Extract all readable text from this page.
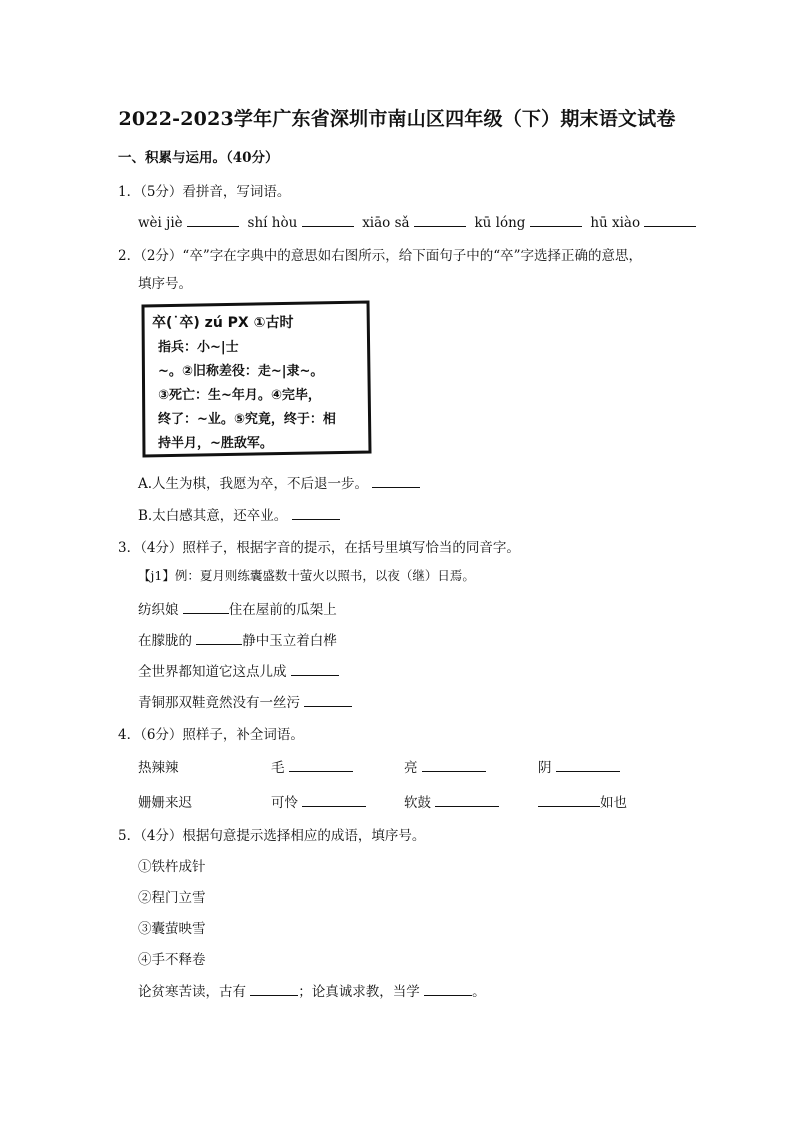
2022-2023学年广东省深圳市南山区四年级（下）期末语文试卷
一、积累与运用。（40分）
1．（5分）看拼音，写词语。
wèi jiè	shí hòu	xiāo sǎ	kū lóng	hū xiào
2．（2分）“卒”字在字典中的意思如右图所示，给下面句子中的“卒”字选择正确的意思，
填序号。
卒(˙卒) zú PX ①古时
指兵：小~|士
~。②旧称差役：走~|隶~。
③死亡：生~年月。④完毕，
终了：~业。⑤究竟，终于：相
持半月，~胜敌军。
A.人生为棋，我愿为卒，不后退一步。
B.太白感其意，还卒业。
3．（4分）照样子，根据字音的提示，在括号里填写恰当的同音字。
【j1】例：夏月则练囊盛数十萤火以照书，以夜（继）日焉。
纺织娘	住在屋前的瓜架上
在朦胧的	静中玉立着白桦
全世界都知道它这点儿成
青铜那双鞋竟然没有一丝污
4．（6分）照样子，补全词语。
热辣辣	毛	亮	阴
姗姗来迟	可怜	软鼓	如也
5．（4分）根据句意提示选择相应的成语，填序号。
①铁杵成针
②程门立雪
③囊萤映雪
④手不释卷
论贫寒苦读，古有	；论真诚求教，当学	。
